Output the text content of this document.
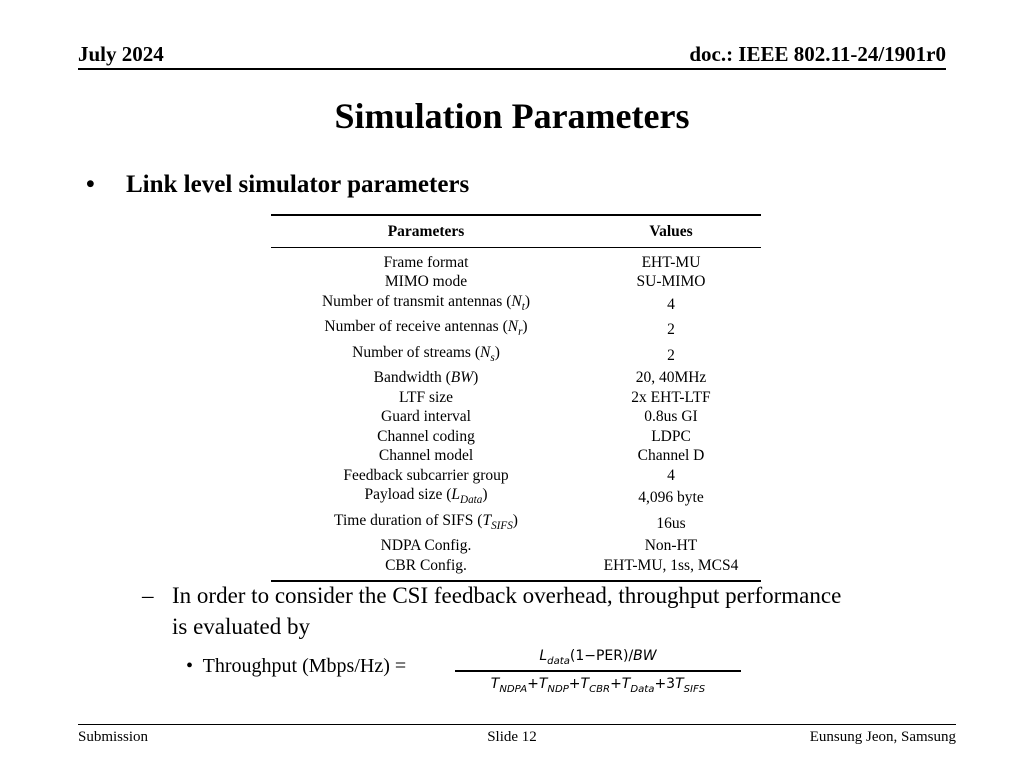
July 2024	doc.: IEEE 802.11-24/1901r0
Simulation Parameters
• Link level simulator parameters
Parameters	Values
Frame format	EHT-MU
MIMO mode	SU-MIMO
Number of transmit antennas $(N_t)$	4
Number of receive antennas $(N_r)$	2
Number of streams $(N_s)$	2
Bandwidth (BW)	20, 40MHz
LTF size	2x EHT-LTF
Guard interval	0.8us GI
Channel coding	LDPC
Channel model	Channel D
Feedback subcarrier group	4
Payload size $(L_{Data})$	4,096 byte
Time duration of SIFS $(T_{SIFS})$	16us
NDPA Config.	Non-HT
CBR Config.	EHT-MU, 1ss, MCS4
– In order to consider the CSI feedback overhead, throughput performance
is evaluated by
• Throughput (Mbps/Hz) =	$L_{data}(1-PER)/BW$
$T_{NDPA}+T_{NDP}+T_{CBR}+T_{Data}+3T_{SIFS}$
Submission	Slide 12	Eunsung Jeon, Samsung
